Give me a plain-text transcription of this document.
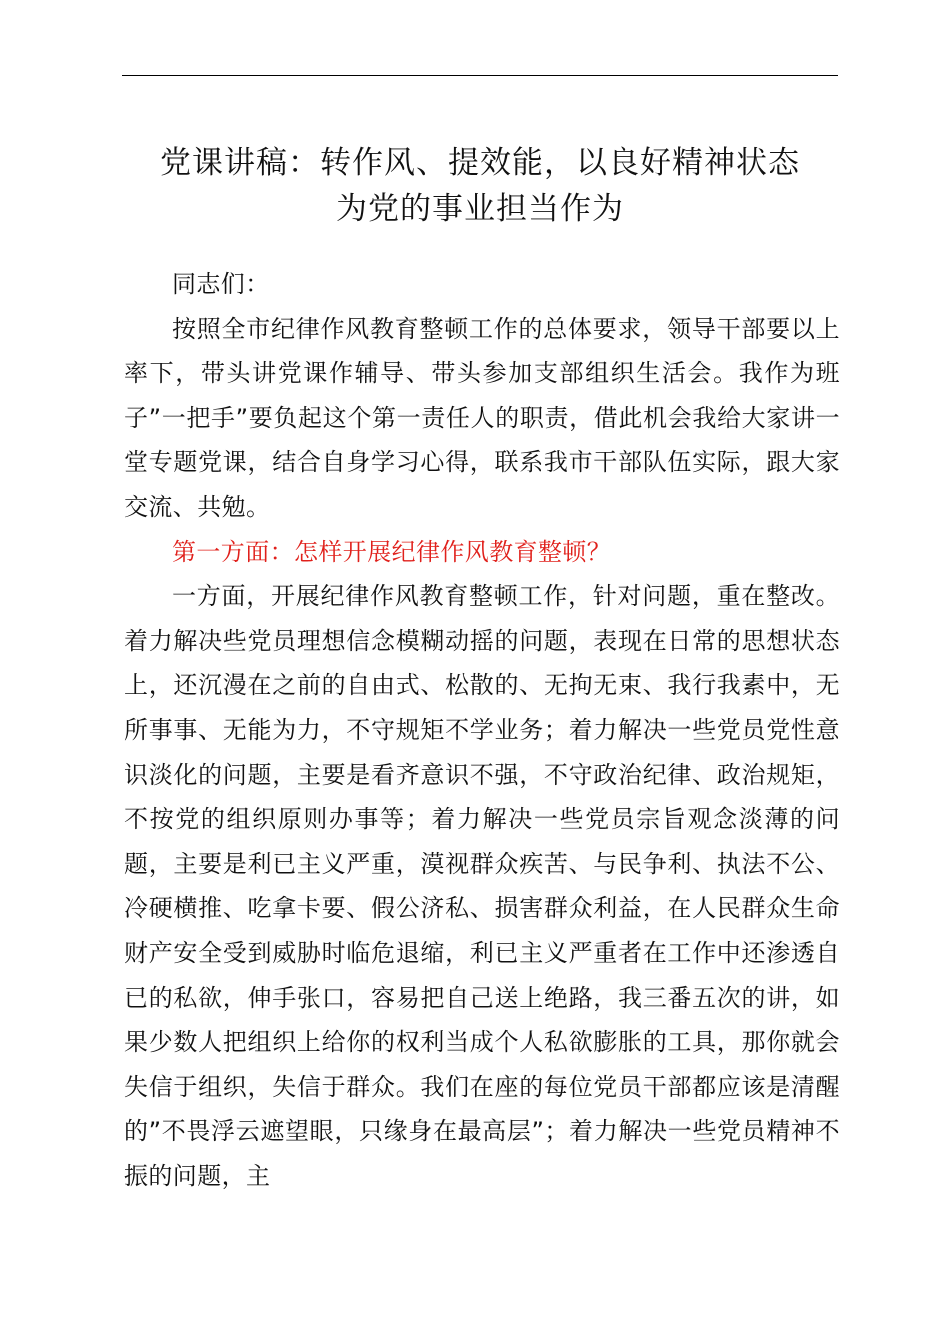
党课讲稿：转作风、提效能，以良好精神状态
为党的事业担当作为

同志们：

按照全市纪律作风教育整顿工作的总体要求，领导干部要以上率下，带头讲党课作辅导、带头参加支部组织生活会。我作为班子”一把手”要负起这个第一责任人的职责，借此机会我给大家讲一堂专题党课，结合自身学习心得，联系我市干部队伍实际，跟大家交流、共勉。

第一方面：怎样开展纪律作风教育整顿？

一方面，开展纪律作风教育整顿工作，针对问题，重在整改。着力解决些党员理想信念模糊动摇的问题，表现在日常的思想状态上，还沉漫在之前的自由式、松散的、无拘无束、我行我素中，无所事事、无能为力，不守规矩不学业务；着力解决一些党员党性意识淡化的问题，主要是看齐意识不强，不守政治纪律、政治规矩，不按党的组织原则办事等；着力解决一些党员宗旨观念淡薄的问题，主要是利已主义严重，漠视群众疾苦、与民争利、执法不公、冷硬横推、吃拿卡要、假公济私、损害群众利益，在人民群众生命财产安全受到威胁时临危退缩，利已主义严重者在工作中还渗透自已的私欲，伸手张口，容易把自己送上绝路，我三番五次的讲，如果少数人把组织上给你的权利当成个人私欲膨胀的工具，那你就会失信于组织，失信于群众。我们在座的每位党员干部都应该是清醒的”不畏浮云遮望眼，只缘身在最高层”；着力解决一些党员精神不振的问题，主
